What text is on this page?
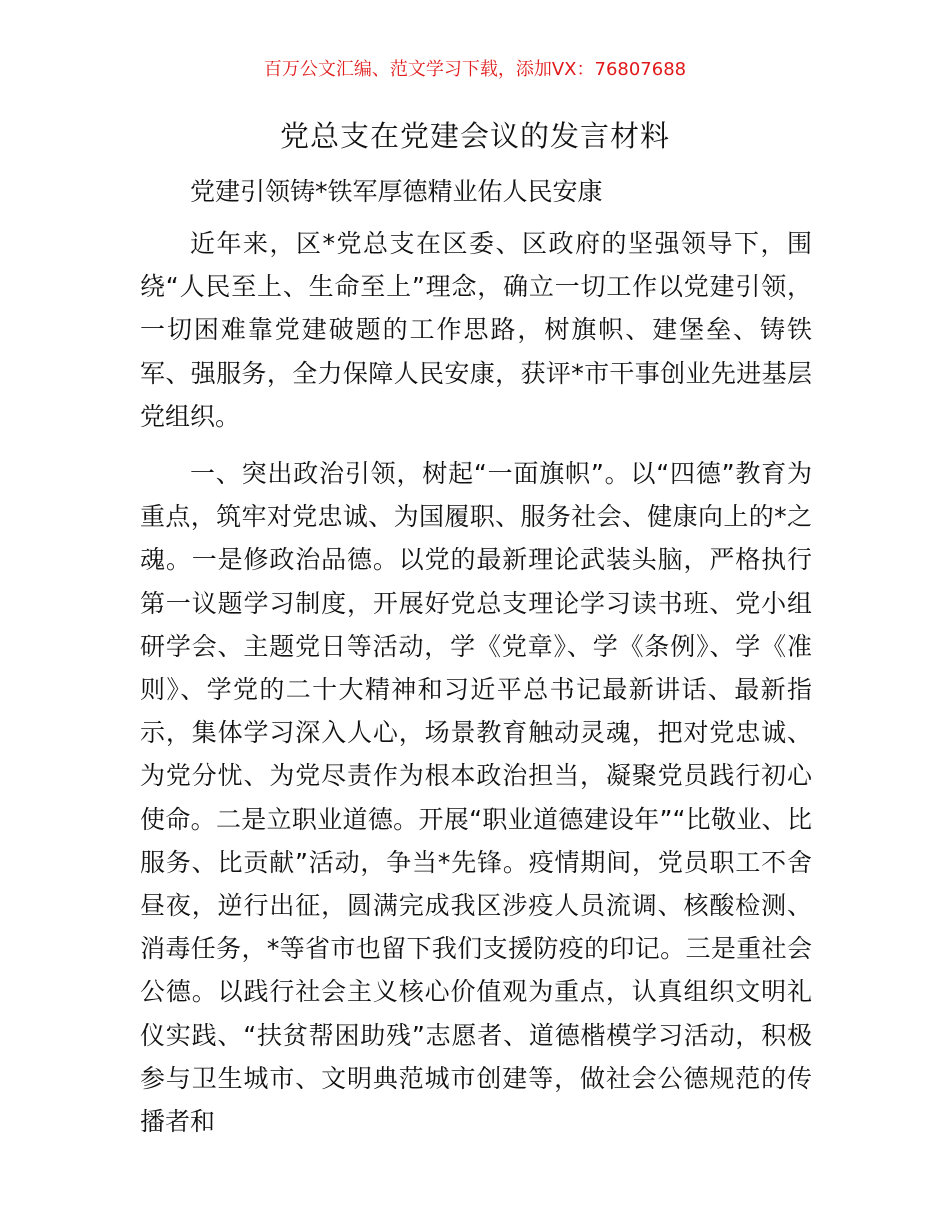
百万公文汇编、范文学习下载，添加VX：76807688
党总支在党建会议的发言材料
党建引领铸*铁军厚德精业佑人民安康

近年来，区*党总支在区委、区政府的坚强领导下，围绕“人民至上、生命至上”理念，确立一切工作以党建引领，一切困难靠党建破题的工作思路，树旗帜、建堡垒、铸铁军、强服务，全力保障人民安康，获评*市干事创业先进基层党组织。

一、突出政治引领，树起“一面旗帜”。以“四德”教育为重点，筑牢对党忠诚、为国履职、服务社会、健康向上的*之魂。一是修政治品德。以党的最新理论武装头脑，严格执行第一议题学习制度，开展好党总支理论学习读书班、党小组研学会、主题党日等活动，学《党章》、学《条例》、学《准则》、学党的二十大精神和习近平总书记最新讲话、最新指示，集体学习深入人心，场景教育触动灵魂，把对党忠诚、为党分忧、为党尽责作为根本政治担当，凝聚党员践行初心使命。二是立职业道德。开展“职业道德建设年”“比敬业、比服务、比贡献”活动，争当*先锋。疫情期间，党员职工不舍昼夜，逆行出征，圆满完成我区涉疫人员流调、核酸检测、消毒任务，*等省市也留下我们支援防疫的印记。三是重社会公德。以践行社会主义核心价值观为重点，认真组织文明礼仪实践、“扶贫帮困助残”志愿者、道德楷模学习活动，积极参与卫生城市、文明典范城市创建等，做社会公德规范的传播者和
